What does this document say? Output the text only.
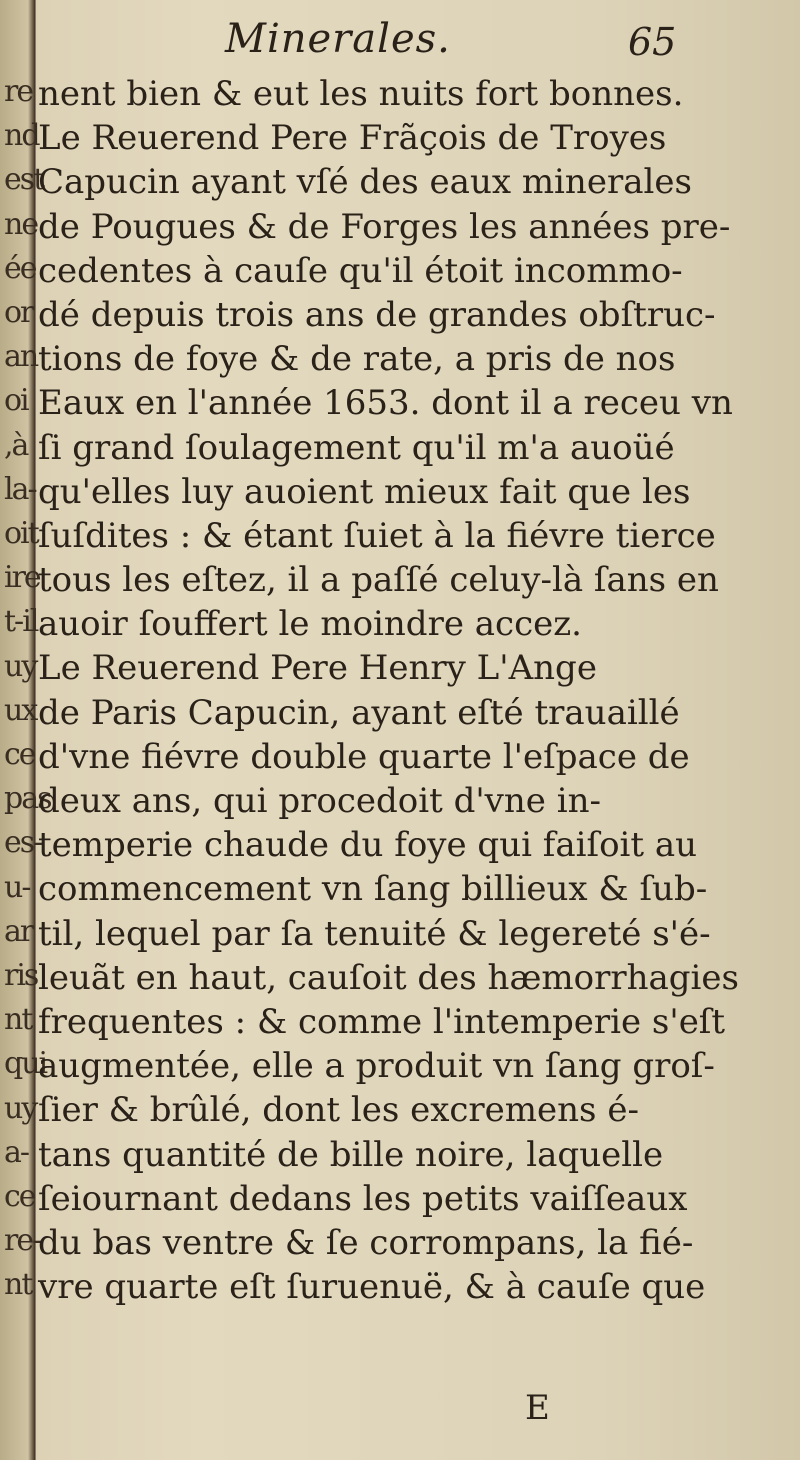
re
nd
est
ne
ée
or
an
oi
,à
la-
oit
ire
t-il
uy
ux
ce
pas
es-
u-
ar
ris
nt
qui
uy
a-
ce
re-
nt
Minerales.	65
nent bien & eut les nuits fort bonnes.
Le Reuerend Pere Frãçois de Troyes
Capucin ayant vſé des eaux minerales
de Pougues & de Forges les années pre-
cedentes à cauſe qu'il étoit incommo-
dé depuis trois ans de grandes obſtruc-
tions de foye & de rate, a pris de nos
Eaux en l'année 1653. dont il a receu vn
ſi grand ſoulagement qu'il m'a auoüé
qu'elles luy auoient mieux fait que les
ſuſdites : & étant ſuiet à la fiévre tierce
tous les eſtez, il a paſſé celuy-là ſans en
auoir ſouffert le moindre accez.
Le Reuerend Pere Henry L'Ange
de Paris Capucin, ayant eſté trauaillé
d'vne fiévre double quarte l'eſpace de
deux ans, qui procedoit d'vne in-
temperie chaude du foye qui faiſoit au
commencement vn ſang billieux & ſub-
til, lequel par ſa tenuité & legereté s'é-
leuãt en haut, cauſoit des hæmorrhagies
frequentes : & comme l'intemperie s'eſt
augmentée, elle a produit vn ſang groſ-
ſier & brûlé, dont les excremens é-
tans quantité de bille noire, laquelle
ſeiournant dedans les petits vaiſſeaux
du bas ventre & ſe corrompans, la fié-
vre quarte eſt ſuruenuë, & à cauſe que
E
